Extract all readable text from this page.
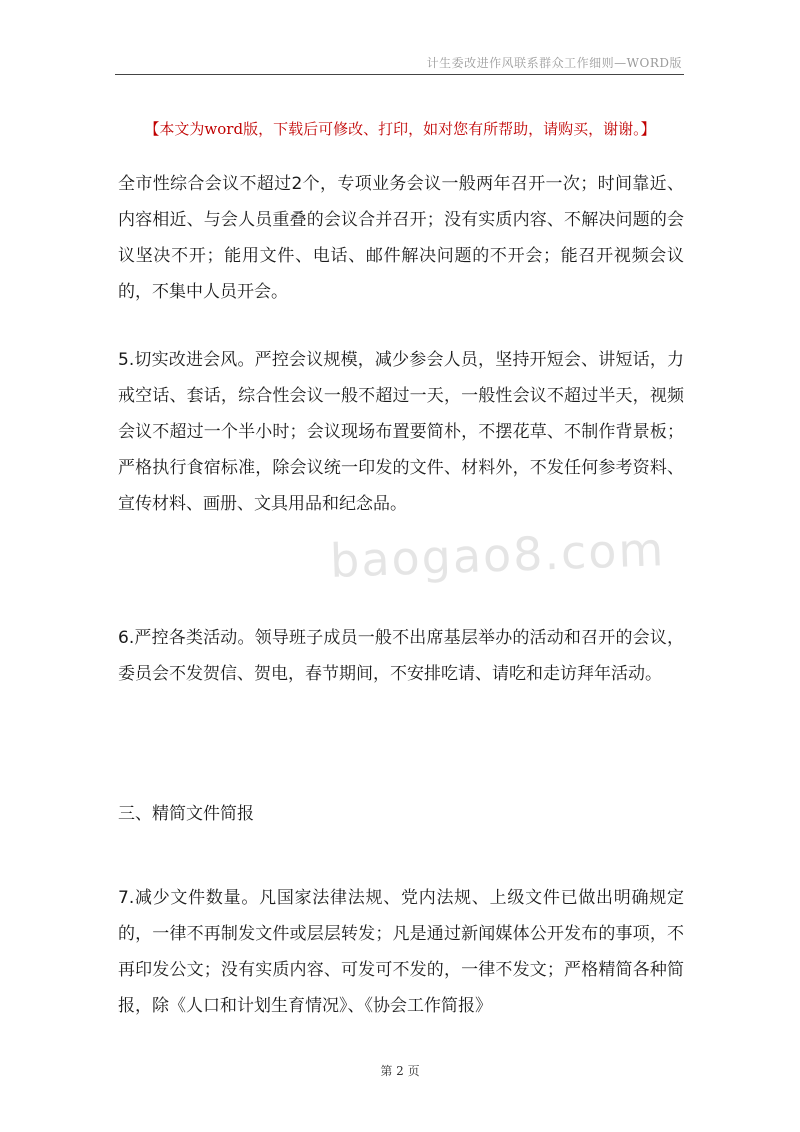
计生委改进作风联系群众工作细则—WORD版
【本文为word版，下载后可修改、打印，如对您有所帮助，请购买，谢谢。】

全市性综合会议不超过2个，专项业务会议一般两年召开一次；时间靠近、内容相近、与会人员重叠的会议合并召开；没有实质内容、不解决问题的会议坚决不开；能用文件、电话、邮件解决问题的不开会；能召开视频会议的，不集中人员开会。

5.切实改进会风。严控会议规模，减少参会人员，坚持开短会、讲短话，力戒空话、套话，综合性会议一般不超过一天，一般性会议不超过半天，视频会议不超过一个半小时；会议现场布置要简朴，不摆花草、不制作背景板；严格执行食宿标准，除会议统一印发的文件、材料外，不发任何参考资料、宣传材料、画册、文具用品和纪念品。

6.严控各类活动。领导班子成员一般不出席基层举办的活动和召开的会议，委员会不发贺信、贺电，春节期间，不安排吃请、请吃和走访拜年活动。

三、精简文件简报

7.减少文件数量。凡国家法律法规、党内法规、上级文件已做出明确规定的，一律不再制发文件或层层转发；凡是通过新闻媒体公开发布的事项，不再印发公文；没有实质内容、可发可不发的，一律不发文；严格精简各种简报，除《人口和计划生育情况》、《协会工作简报》

baogao8.com
第 2 页
